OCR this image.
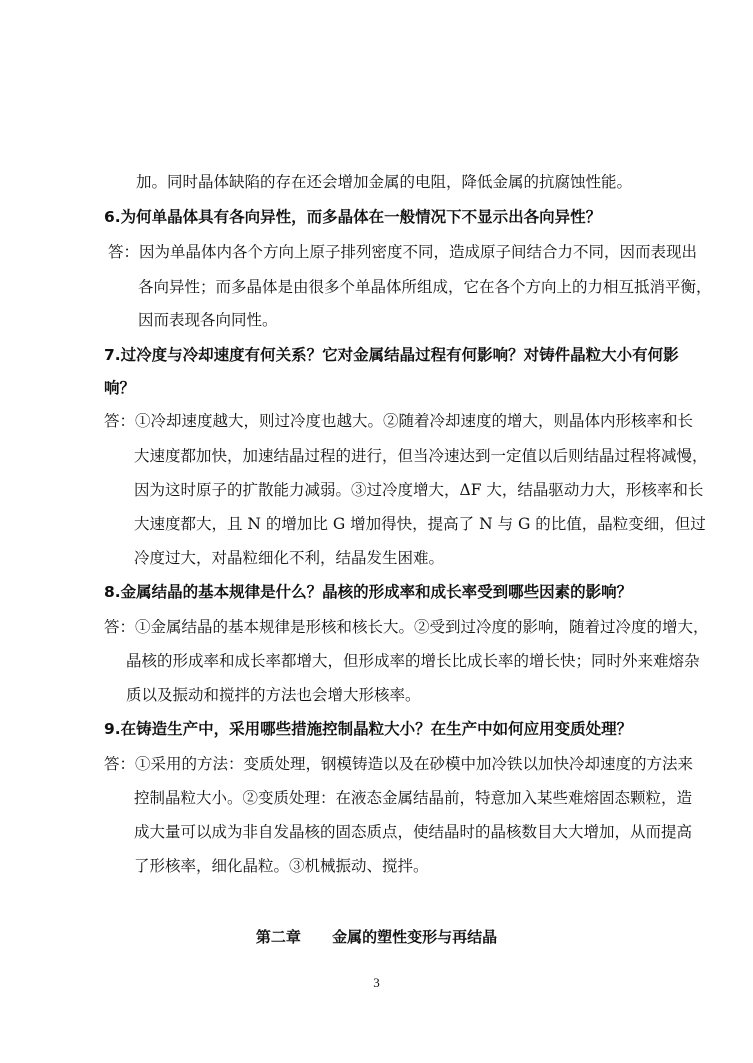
加。同时晶体缺陷的存在还会增加金属的电阻，降低金属的抗腐蚀性能。
6.为何单晶体具有各向异性，而多晶体在一般情况下不显示出各向异性？
答：因为单晶体内各个方向上原子排列密度不同，造成原子间结合力不同，因而表现出
各向异性；而多晶体是由很多个单晶体所组成，它在各个方向上的力相互抵消平衡，
因而表现各向同性。
7.过冷度与冷却速度有何关系？它对金属结晶过程有何影响？对铸件晶粒大小有何影
响？
答：①冷却速度越大，则过冷度也越大。②随着冷却速度的增大，则晶体内形核率和长
大速度都加快，加速结晶过程的进行，但当冷速达到一定值以后则结晶过程将减慢，
因为这时原子的扩散能力减弱。③过冷度增大，ΔF 大，结晶驱动力大，形核率和长
大速度都大，且 N 的增加比 G 增加得快，提高了 N 与 G 的比值，晶粒变细，但过
冷度过大，对晶粒细化不利，结晶发生困难。
8.金属结晶的基本规律是什么？晶核的形成率和成长率受到哪些因素的影响？
答：①金属结晶的基本规律是形核和核长大。②受到过冷度的影响，随着过冷度的增大，
晶核的形成率和成长率都增大，但形成率的增长比成长率的增长快；同时外来难熔杂
质以及振动和搅拌的方法也会增大形核率。
9.在铸造生产中，采用哪些措施控制晶粒大小？在生产中如何应用变质处理？
答：①采用的方法：变质处理，钢模铸造以及在砂模中加冷铁以加快冷却速度的方法来
控制晶粒大小。②变质处理：在液态金属结晶前，特意加入某些难熔固态颗粒，造
成大量可以成为非自发晶核的固态质点，使结晶时的晶核数目大大增加，从而提高
了形核率，细化晶粒。③机械振动、搅拌。
第二章      金属的塑性变形与再结晶
3
